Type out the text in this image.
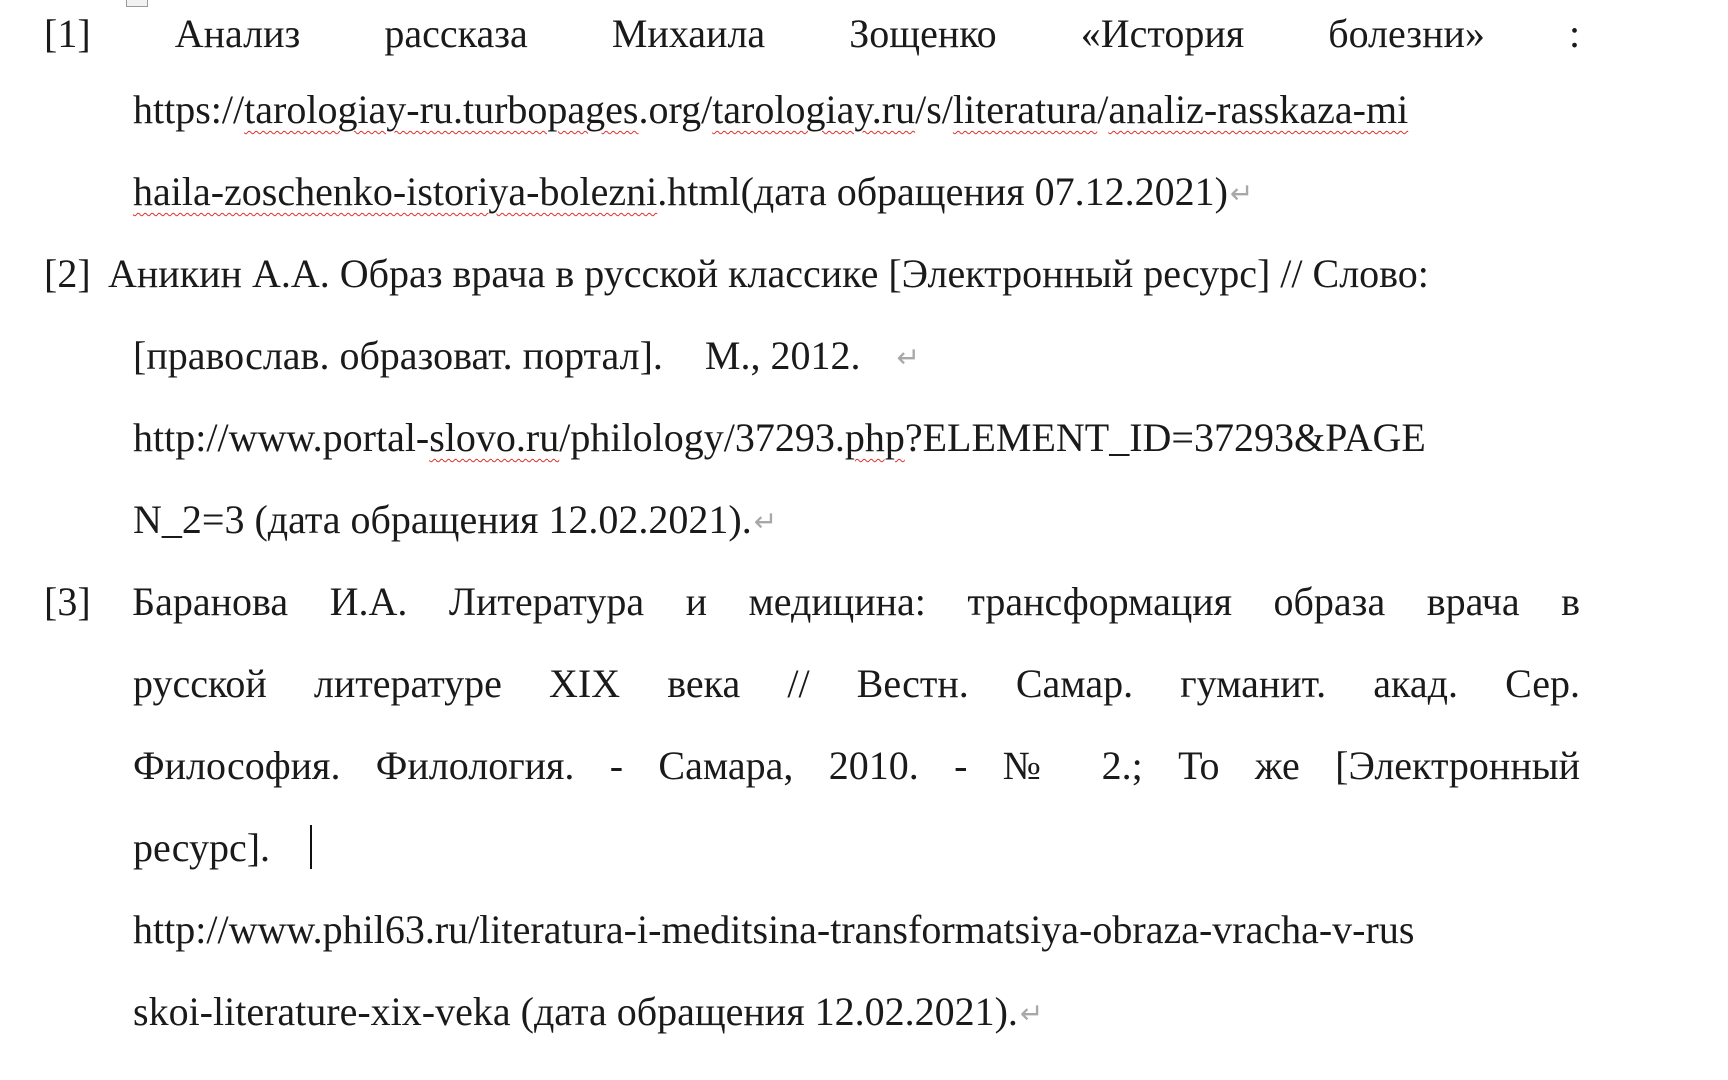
[1] Анализ рассказа Михаила Зощенко «История болезни» :
https://tarologiay-ru.turbopages.org/tarologiay.ru/s/literatura/analiz-rasskaza-mi
haila-zoschenko-istoriya-bolezni.html(дата обращения 07.12.2021)↵
[2] Аникин А.А. Образ врача в русской классике [Электронный ресурс] // Слово:
[православ. образоват. портал]. М., 2012. ↵
http://www.portal-slovo.ru/philology/37293.php?ELEMENT_ID=37293&PAGE
N_2=3 (дата обращения 12.02.2021).↵
[3] Баранова И.А. Литература и медицина: трансформация образа врача в
русской литературе XIX века // Вестн. Самар. гуманит. акад. Сер.
Философия. Филология. - Самара, 2010. - № 2.; То же [Электронный
ресурс].
http://www.phil63.ru/literatura-i-meditsina-transformatsiya-obraza-vracha-v-rus
skoi-literature-xix-veka (дата обращения 12.02.2021).↵
